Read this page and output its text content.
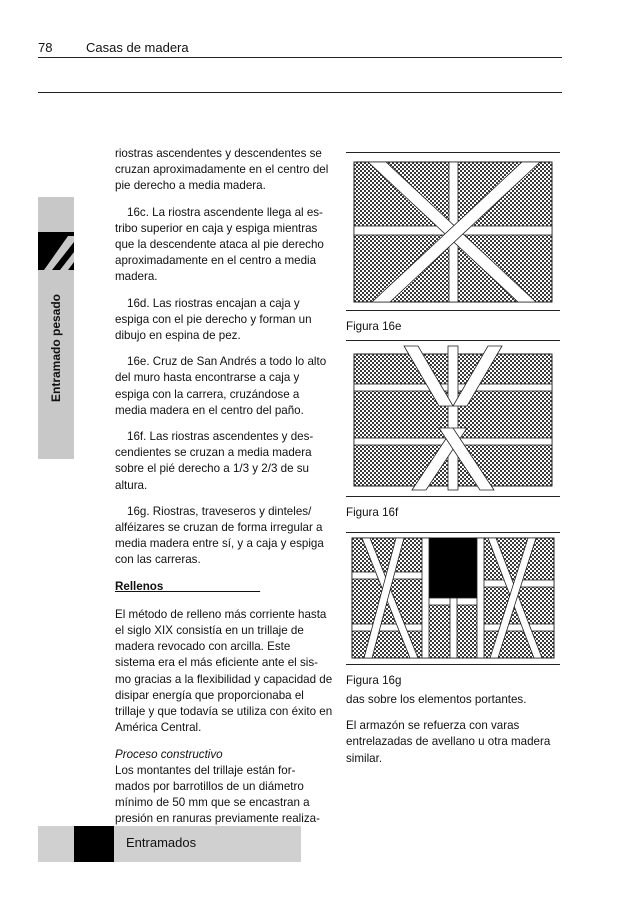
78	Casas de madera
Entramado pesado

riostras ascendentes y descendentes se cruzan aproximadamente en el centro del pie derecho a media madera.

16c. La riostra ascendente llega al es- tribo superior en caja y espiga mientras que la descendente ataca al pie derecho aproximadamente en el centro a media madera.

16d. Las riostras encajan a caja y espiga con el pie derecho y forman un dibujo en espina de pez.

16e. Cruz de San Andrés a todo lo alto del muro hasta encontrarse a caja y espiga con la carrera, cruzándose a media madera en el centro del paño.

16f. Las riostras ascendentes y des- cendientes se cruzan a media madera sobre el pié derecho a 1/3 y 2/3 de su altura.

16g. Riostras, traveseros y dinteles/ alféizares se cruzan de forma irregular a media madera entre sí, y a caja y espiga con las carreras.

Rellenos_______________

El método de relleno más corriente hasta el siglo XIX consistía en un trillaje de madera revocado con arcilla. Este sistema era el más eficiente ante el sis- mo gracias a la flexibilidad y capacidad de disipar energía que proporcionaba el trillaje y que todavía se utiliza con éxito en América Central.

Proceso constructivo

Los montantes del trillaje están for- mados por barrotillos de un diámetro mínimo de 50 mm que se encastran a presión en ranuras previamente realiza-

Figura 16e
Figura 16f
Figura 16g

das sobre los elementos portantes.

El armazón se refuerza con varas entrelazadas de avellano u otra madera similar.

Entramados
